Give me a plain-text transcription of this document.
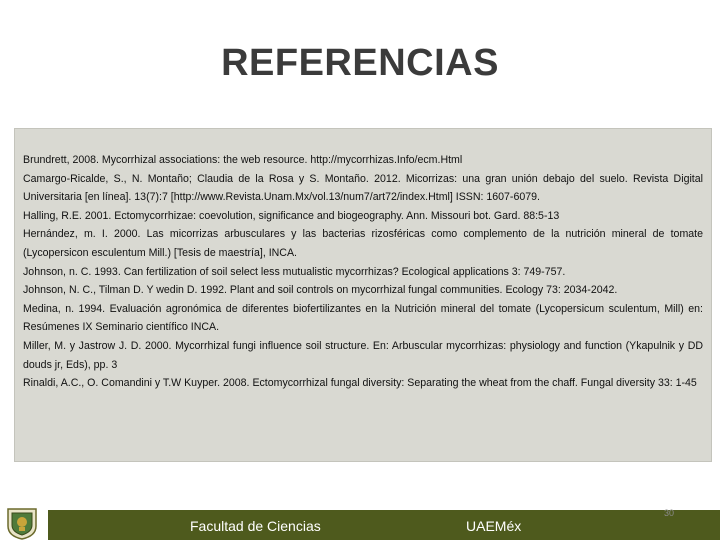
REFERENCIAS

Brundrett, 2008. Mycorrhizal associations: the web resource. http://mycorrhizas.Info/ecm.Html

Camargo-Ricalde, S., N. Montaño; Claudia de la Rosa y S. Montaño. 2012. Micorrizas: una gran unión debajo del suelo. Revista Digital Universitaria [en línea]. 13(7):7 [http://www.Revista.Unam.Mx/vol.13/num7/art72/index.Html] ISSN: 1607-6079.

Halling, R.E. 2001. Ectomycorrhizae: coevolution, significance and biogeography. Ann. Missouri bot. Gard. 88:5-13

Hernández, m. I. 2000. Las micorrizas arbusculares y las bacterias rizosféricas como complemento de la nutrición mineral de tomate (Lycopersicon esculentum Mill.) [Tesis de maestría], INCA.

Johnson, n. C. 1993. Can fertilization of soil select less mutualistic mycorrhizas? Ecological applications 3: 749-757.

Johnson, N. C., Tilman D. Y wedin D. 1992. Plant and soil controls on mycorrhizal fungal communities. Ecology 73: 2034-2042.

Medina, n. 1994. Evaluación agronómica de diferentes biofertilizantes en la Nutrición mineral del tomate (Lycopersicum sculentum, Mill) en: Resúmenes IX Seminario científico INCA.

Miller, M. y Jastrow J. D. 2000. Mycorrhizal fungi influence soil structure. En: Arbuscular mycorrhizas: physiology and function (Ykapulnik y DD douds jr, Eds), pp. 3

Rinaldi, A.C., O. Comandini y T.W Kuyper. 2008. Ectomycorrhizal fungal diversity: Separating the wheat from the chaff. Fungal diversity 33: 1-45

Facultad de Ciencias	UAEMéx
30
